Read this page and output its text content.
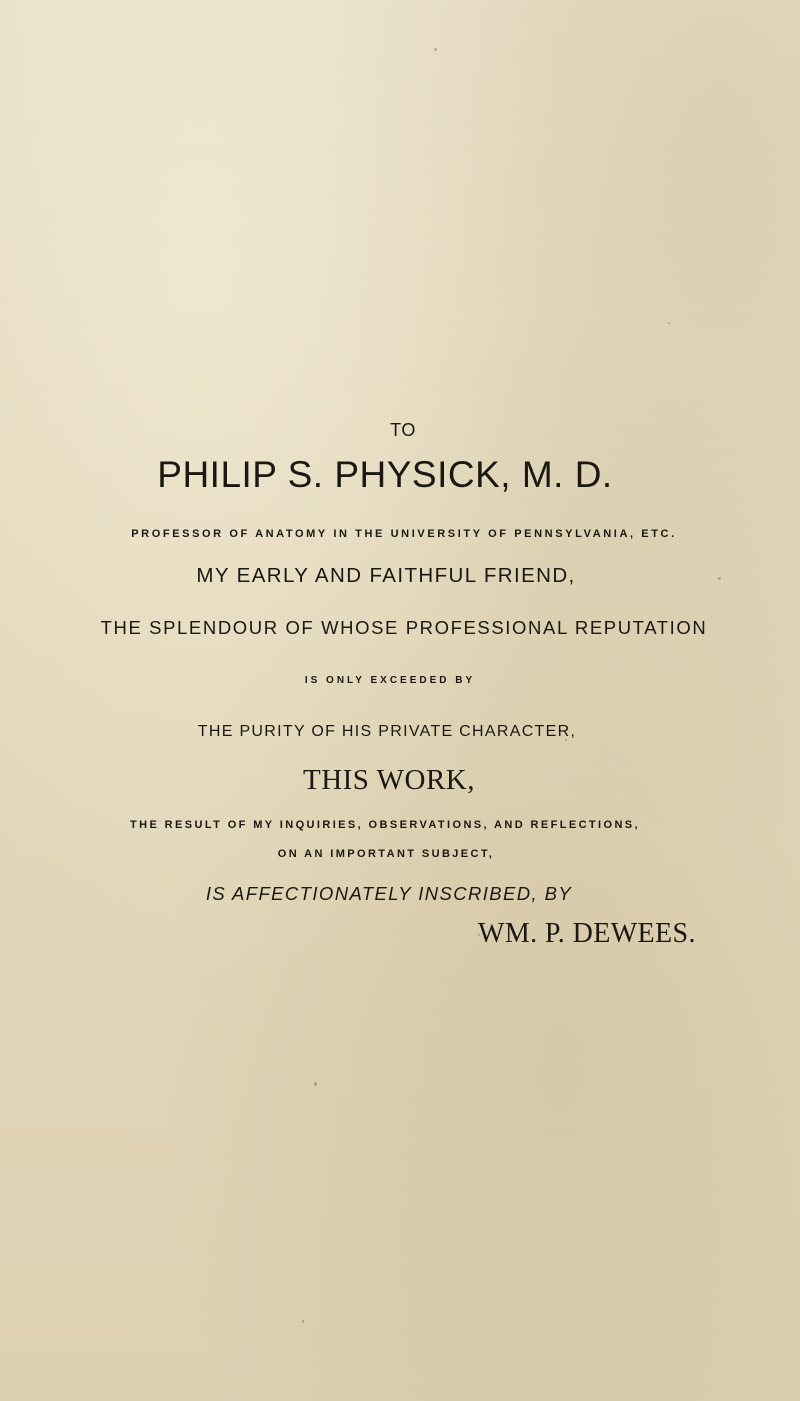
TO
PHILIP S. PHYSICK, M. D.
PROFESSOR OF ANATOMY IN THE UNIVERSITY OF PENNSYLVANIA, ETC.
MY EARLY AND FAITHFUL FRIEND,
THE SPLENDOUR OF WHOSE PROFESSIONAL REPUTATION
IS ONLY EXCEEDED BY
THE PURITY OF HIS PRIVATE CHARACTER,
THIS WORK,
THE RESULT OF MY INQUIRIES, OBSERVATIONS, AND REFLECTIONS,
ON AN IMPORTANT SUBJECT,
IS AFFECTIONATELY INSCRIBED, BY
WM. P. DEWEES.
